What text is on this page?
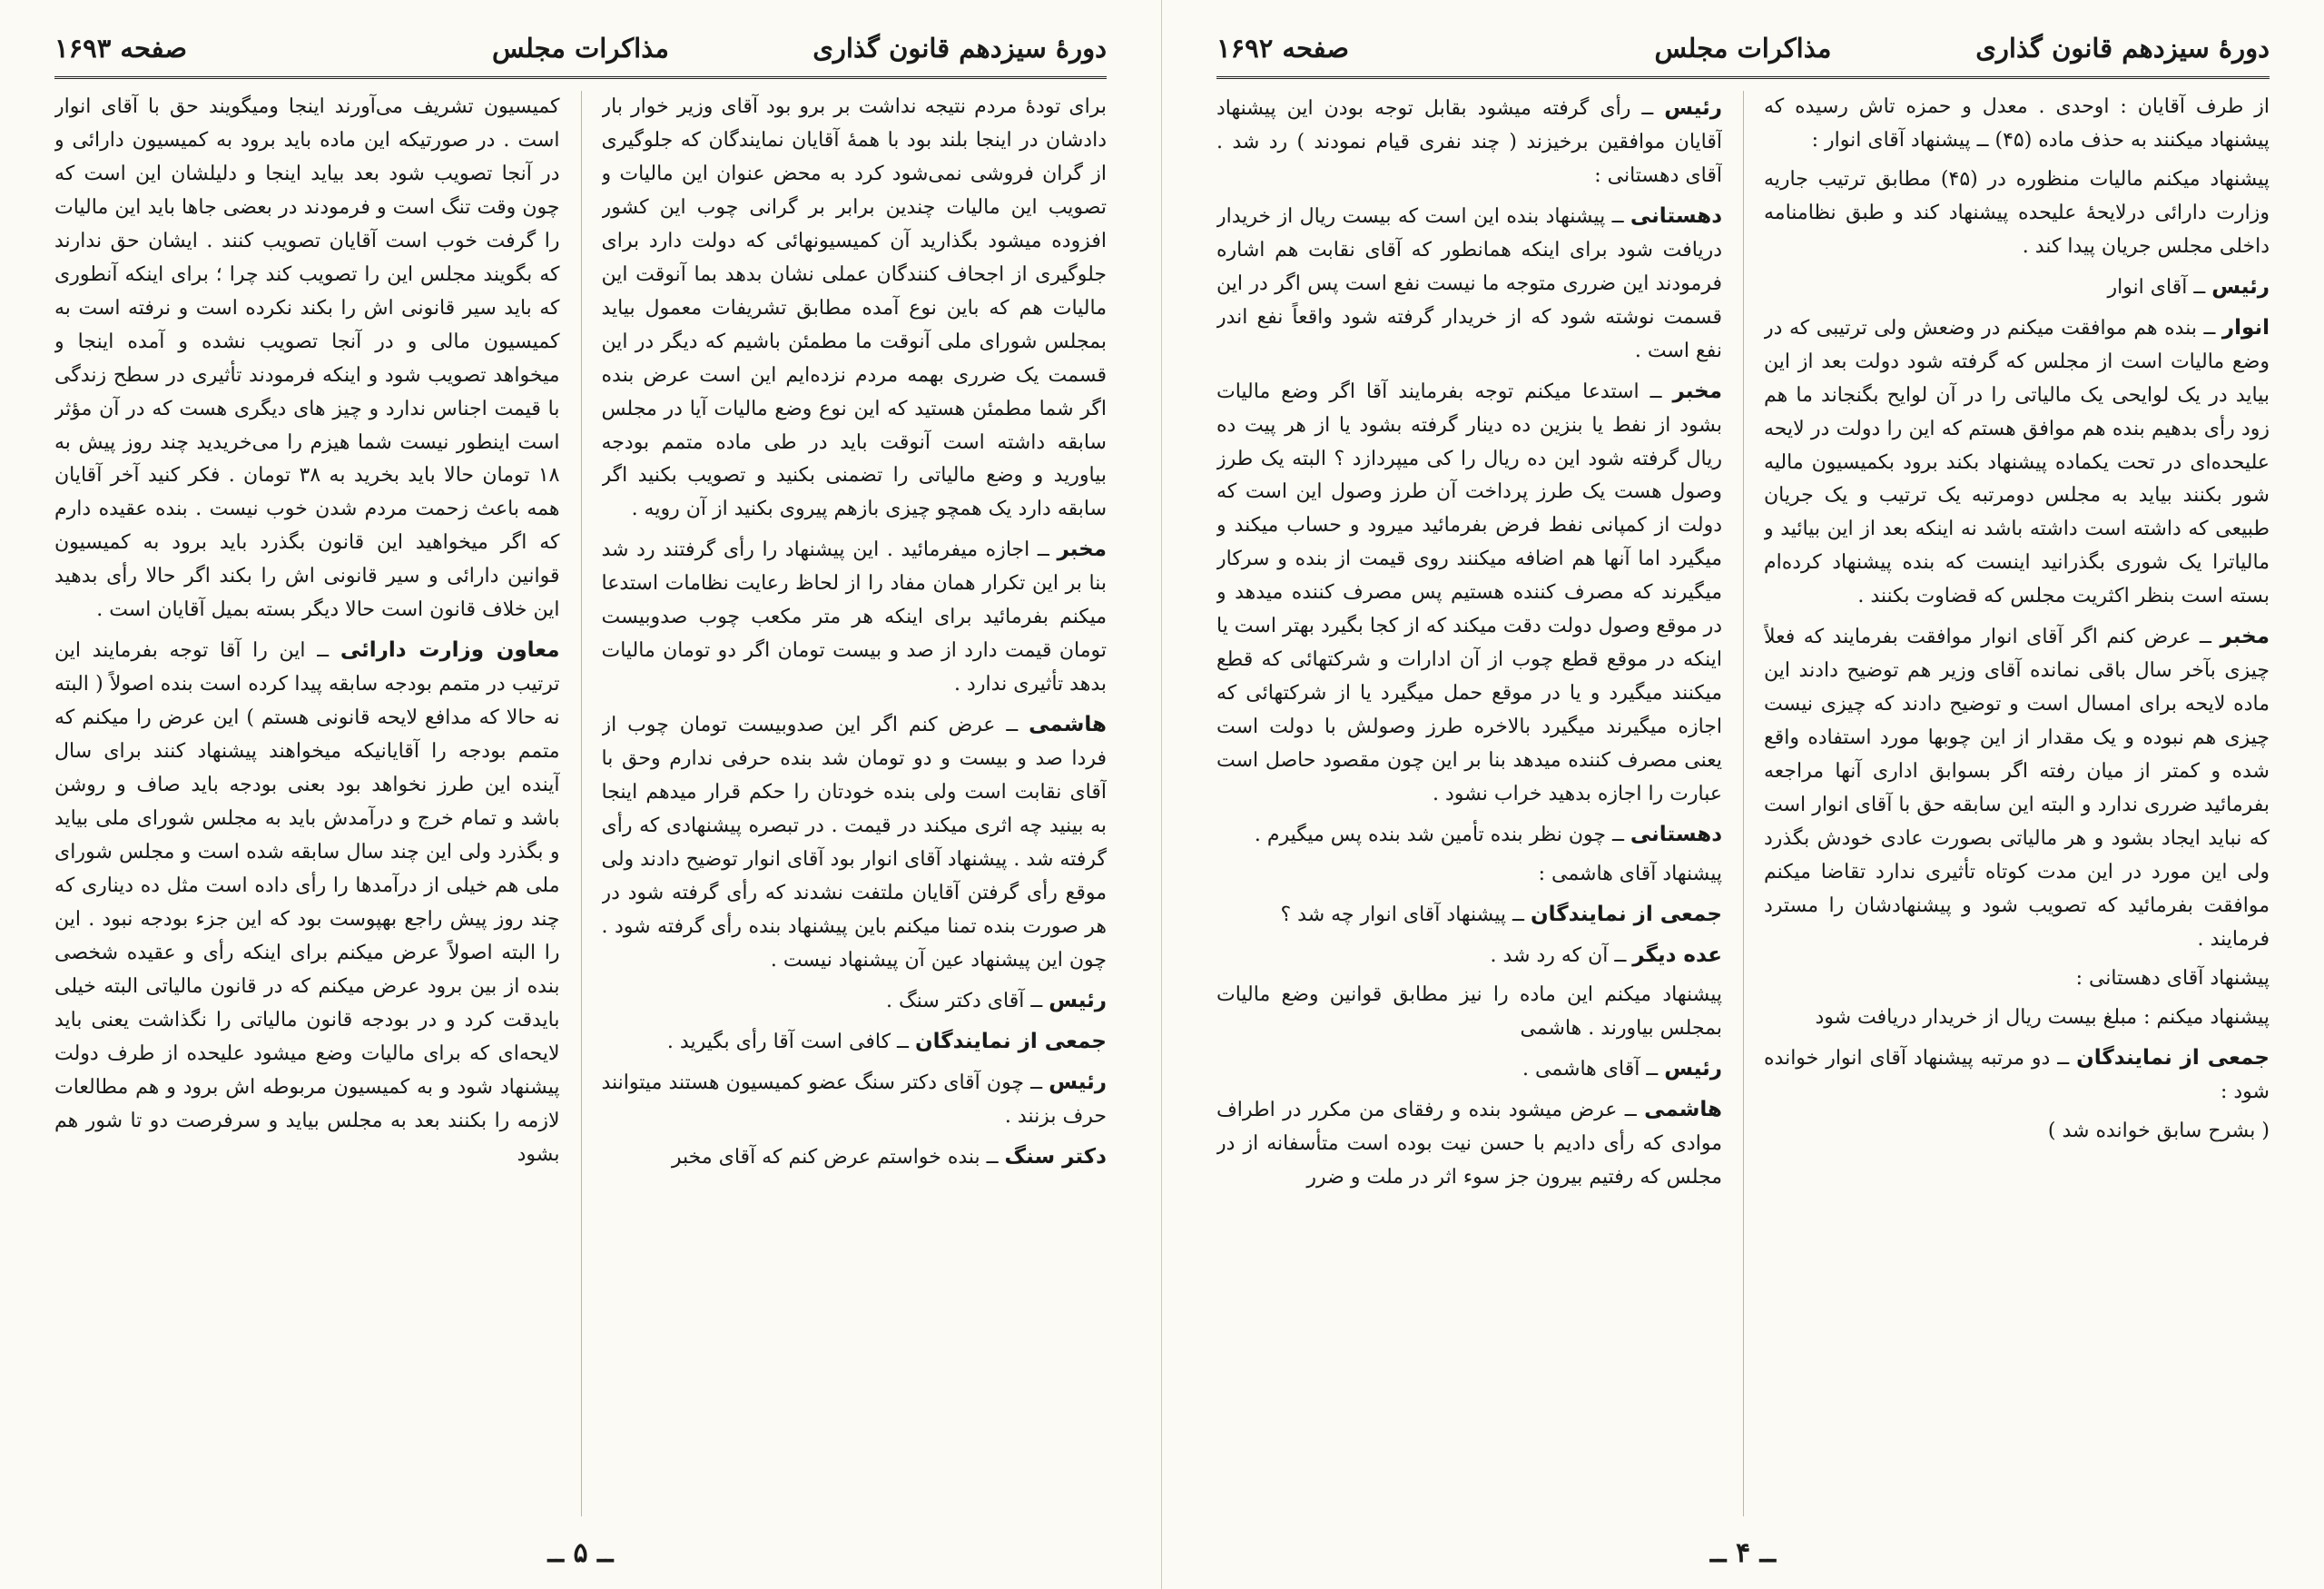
دورهٔ سیزدهم قانون گذاری
مذاکرات مجلس
صفحه ۱۶۹۳

برای تودهٔ مردم نتیجه نداشت بر برو بود آقای وزیر خوار بار دادشان در اینجا بلند بود با همهٔ آقایان نمایندگان که جلوگیری از گران فروشی نمی‌شود کرد به محض عنوان این مالیات و تصویب این مالیات چندین برابر بر گرانی چوب این کشور افزوده میشود بگذارید آن کمیسیونهائی که دولت دارد برای جلوگیری از اجحاف کنندگان عملی نشان بدهد بما آنوقت این مالیات هم که باین نوع آمده مطابق تشریفات معمول بیاید بمجلس شورای ملی آنوقت ما مطمئن باشیم که دیگر در این قسمت یک ضرری بهمه مردم نزده‌ایم این است عرض بنده اگر شما مطمئن هستید که این نوع وضع مالیات آیا در مجلس سابقه داشته است آنوقت باید در طی ماده متمم بودجه بیاورید و وضع مالیاتی را تضمنی بکنید و تصویب بکنید اگر سابقه دارد یک همچو چیزی بازهم پیروی بکنید از آن رویه .

مخبر ــ اجازه میفرمائید . این پیشنهاد را رأی گرفتند رد شد بنا بر این تکرار همان مفاد را از لحاظ رعایت نظامات استدعا میکنم بفرمائید برای اینکه هر متر مکعب چوب صدوبیست تومان قیمت دارد از صد و بیست تومان اگر دو تومان مالیات بدهد تأثیری ندارد .

هاشمی ــ عرض کنم اگر این صدوبیست تومان چوب از فردا صد و بیست و دو تومان شد بنده حرفی ندارم وحق با آقای نقابت است ولی بنده خودتان را حکم قرار میدهم اینجا به بینید چه اثری میکند در قیمت . در تبصره پیشنهادی که رأی گرفته شد . پیشنهاد آقای انوار بود آقای انوار توضیح دادند ولی موقع رأی گرفتن آقایان ملتفت نشدند که رأی گرفته شود در هر صورت بنده تمنا میکنم باین پیشنهاد بنده رأی گرفته شود . چون این پیشنهاد عین آن پیشنهاد نیست .

رئیس ــ آقای دکتر سنگ .

جمعی از نمایندگان ــ کافی است آقا رأی بگیرید .

رئیس ــ چون آقای دکتر سنگ عضو کمیسیون هستند میتوانند حرف بزنند .

دکتر سنگ ــ بنده خواستم عرض کنم که آقای مخبر

کمیسیون تشریف می‌آورند اینجا ومیگویند حق با آقای انوار است . در صورتیکه این ماده باید برود به کمیسیون دارائی و در آنجا تصویب شود بعد بیاید اینجا و دلیلشان این است که چون وقت تنگ است و فرمودند در بعضی جاها باید این مالیات را گرفت خوب است آقایان تصویب کنند . ایشان حق ندارند که بگویند مجلس این را تصویب کند چرا ؛ برای اینکه آنطوری که باید سیر قانونی اش را بکند نکرده است و نرفته است به کمیسیون مالی و در آنجا تصویب نشده و آمده اینجا و میخواهد تصویب شود و اینکه فرمودند تأثیری در سطح زندگی با قیمت اجناس ندارد و چیز های دیگری هست که در آن مؤثر است اینطور نیست شما هیزم را می‌خریدید چند روز پیش به ۱۸ تومان حالا باید بخرید به ۳۸ تومان . فکر کنید آخر آقایان همه باعث زحمت مردم شدن خوب نیست . بنده عقیده دارم که اگر میخواهید این قانون بگذرد باید برود به کمیسیون قوانین دارائی و سیر قانونی اش را بکند اگر حالا رأی بدهید این خلاف قانون است حالا دیگر بسته بمیل آقایان است .

معاون وزارت دارائی ــ این را آقا توجه بفرمایند این ترتیب در متمم بودجه سابقه پیدا کرده است بنده اصولاً ( البته نه حالا که مدافع لایحه قانونی هستم ) این عرض را میکنم که متمم بودجه را آقایانیکه میخواهند پیشنهاد کنند برای سال آینده این طرز نخواهد بود بعنی بودجه باید صاف و روشن باشد و تمام خرج و درآمدش باید به مجلس شورای ملی بیاید و بگذرد ولی این چند سال سابقه شده است و مجلس شورای ملی هم خیلی از درآمدها را رأی داده است مثل ده دیناری که چند روز پیش راجع بهپوست بود که این جزء بودجه نبود . این را البته اصولاً عرض میکنم برای اینکه رأی و عقیده شخصی بنده از بین برود عرض میکنم که در قانون مالیاتی البته خیلی بایدقت کرد و در بودجه قانون مالیاتی را نگذاشت یعنی باید لایحه‌ای که برای مالیات وضع میشود علیحده از طرف دولت پیشنهاد شود و به کمیسیون مربوطه اش برود و هم مطالعات لازمه را بکنند بعد به مجلس بیاید و سرفرصت دو تا شور هم بشود

ــ ۵ ــ
دورهٔ سیزدهم قانون گذاری
مذاکرات مجلس
صفحه ۱۶۹۲

از طرف آقایان : اوحدی . معدل و حمزه تاش رسیده که پیشنهاد میکنند به حذف ماده (۴۵) ــ پیشنهاد آقای انوار :

پیشنهاد میکنم مالیات منظوره در (۴۵) مطابق ترتیب جاریه وزارت دارائی درلایحهٔ علیحده پیشنهاد کند و طبق نظامنامه داخلی مجلس جریان پیدا کند .

رئیس ــ آقای انوار

انوار ــ بنده هم موافقت میکنم در وضعش ولی ترتیبی که در وضع مالیات است از مجلس که گرفته شود دولت بعد از این بیاید در یک لوایحی یک مالیاتی را در آن لوایح بگنجاند ما هم زود رأی بدهیم بنده هم موافق هستم که این را دولت در لایحه علیحده‌ای در تحت یکماده پیشنهاد بکند برود بکمیسیون مالیه شور بکنند بیاید به مجلس دومرتبه یک ترتیب و یک جریان طبیعی که داشته است داشته باشد نه اینکه بعد از این بیائید و مالیاترا یک شوری بگذرانید اینست که بنده پیشنهاد کرده‌ام بسته است بنظر اکثریت مجلس که قضاوت بکنند .

مخبر ــ عرض کنم اگر آقای انوار موافقت بفرمایند که فعلاً چیزی بآخر سال باقی نمانده آقای وزیر هم توضیح دادند این ماده لایحه برای امسال است و توضیح دادند که چیزی نیست چیزی هم نبوده و یک مقدار از این چوبها مورد استفاده واقع شده و کمتر از میان رفته اگر بسوابق اداری آنها مراجعه بفرمائید ضرری ندارد و البته این سابقه حق با آقای انوار است که نباید ایجاد بشود و هر مالیاتی بصورت عادی خودش بگذرد ولی این مورد در این مدت کوتاه تأثیری ندارد تقاضا میکنم موافقت بفرمائید که تصویب شود و پیشنهادشان را مسترد فرمایند .

پیشنهاد آقای دهستانی :

پیشنهاد میکنم : مبلغ بیست ریال از خریدار دریافت شود

جمعی از نمایندگان ــ دو مرتبه پیشنهاد آقای انوار خوانده شود :

( بشرح سابق خوانده شد )

رئیس ــ رأی گرفته میشود بقابل توجه بودن این پیشنهاد آقایان موافقین برخیزند ( چند نفری قیام نمودند ) رد شد . آقای دهستانی :

دهستانی ــ پیشنهاد بنده این است که بیست ریال از خریدار دریافت شود برای اینکه همانطور که آقای نقابت هم اشاره فرمودند این ضرری متوجه ما نیست نفع است پس اگر در این قسمت نوشته شود که از خریدار گرفته شود واقعاً نفع اندر نفع است .

مخبر ــ استدعا میکنم توجه بفرمایند آقا اگر وضع مالیات بشود از نفط یا بنزین ده دینار گرفته بشود یا از هر پیت ده ریال گرفته شود این ده ریال را کی میپردازد ؟ البته یک طرز وصول هست یک طرز پرداخت آن طرز وصول این است که دولت از کمپانی نفط فرض بفرمائید میرود و حساب میکند و میگیرد اما آنها هم اضافه میکنند روی قیمت از بنده و سرکار میگیرند که مصرف کننده هستیم پس مصرف کننده میدهد و در موقع وصول دولت دقت میکند که از کجا بگیرد بهتر است یا اینکه در موقع قطع چوب از آن ادارات و شرکتهائی که قطع میکنند میگیرد و یا در موقع حمل میگیرد یا از شرکتهائی که اجازه میگیرند میگیرد بالاخره طرز وصولش با دولت است یعنی مصرف کننده میدهد بنا بر این چون مقصود حاصل است عبارت را اجازه بدهید خراب نشود .

دهستانی ــ چون نظر بنده تأمین شد بنده پس میگیرم .

پیشنهاد آقای هاشمی :

جمعی از نمایندگان ــ پیشنهاد آقای انوار چه شد ؟

عده دیگر ــ آن که رد شد .

پیشنهاد میکنم این ماده را نیز مطابق قوانین وضع مالیات بمجلس بیاورند . هاشمی

رئیس ــ آقای هاشمی .

هاشمی ــ عرض میشود بنده و رفقای من مکرر در اطراف موادی که رأی دادیم با حسن نیت بوده است متأسفانه از در مجلس که رفتیم بیرون جز سوء اثر در ملت و ضرر

ــ ۴ ــ
